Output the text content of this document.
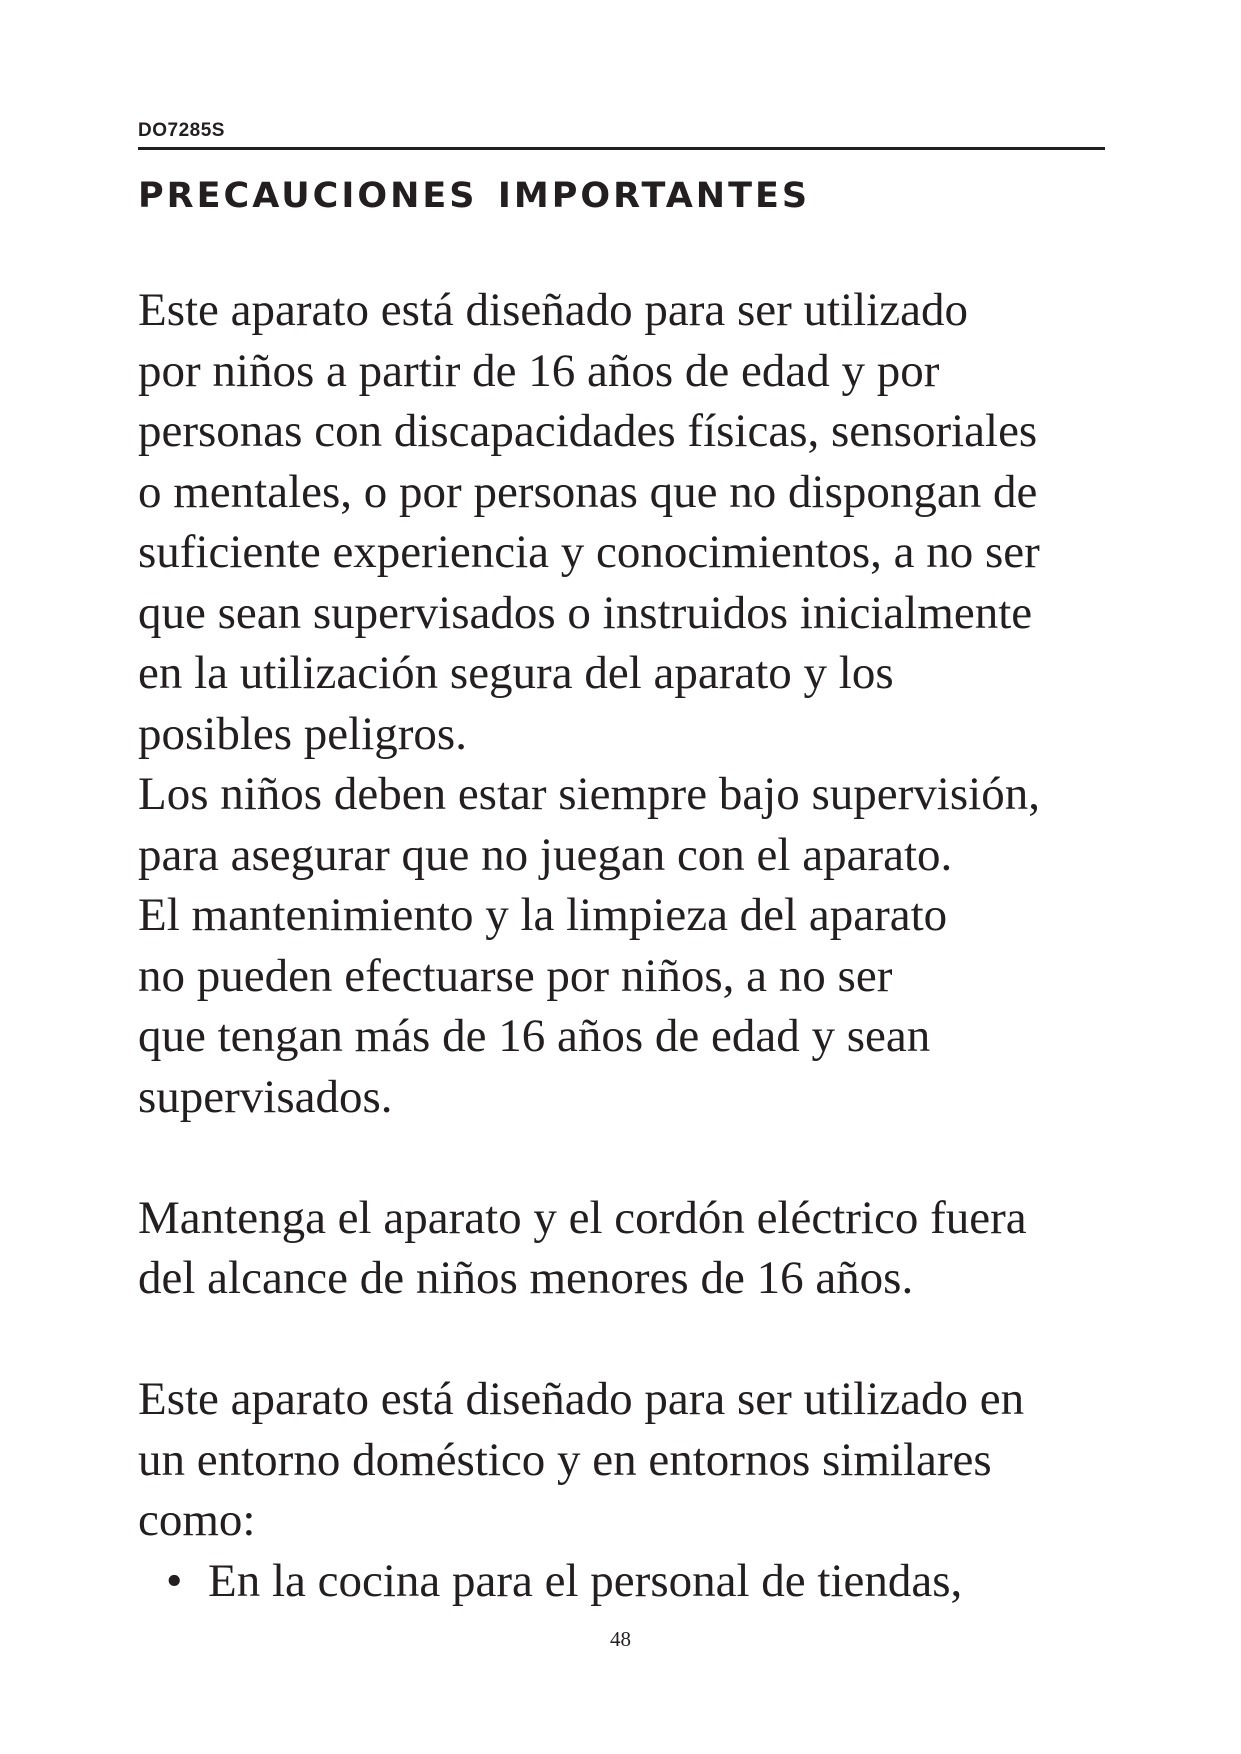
DO7285S
precauciones importantes

Este aparato está diseñado para ser utilizado
por niños a partir de 16 años de edad y por
personas con discapacidades físicas, sensoriales
o mentales, o por personas que no dispongan de
suficiente experiencia y conocimientos, a no ser
que sean supervisados o instruidos inicialmente
en la utilización segura del aparato y los
posibles peligros.
Los niños deben estar siempre bajo supervisión,
para asegurar que no juegan con el aparato.
El mantenimiento y la limpieza del aparato
no pueden efectuarse por niños, a no ser
que tengan más de 16 años de edad y sean
supervisados.

Mantenga el aparato y el cordón eléctrico fuera
del alcance de niños menores de 16 años.

Este aparato está diseñado para ser utilizado en
un entorno doméstico y en entornos similares
como:

• En la cocina para el personal de tiendas,
48
